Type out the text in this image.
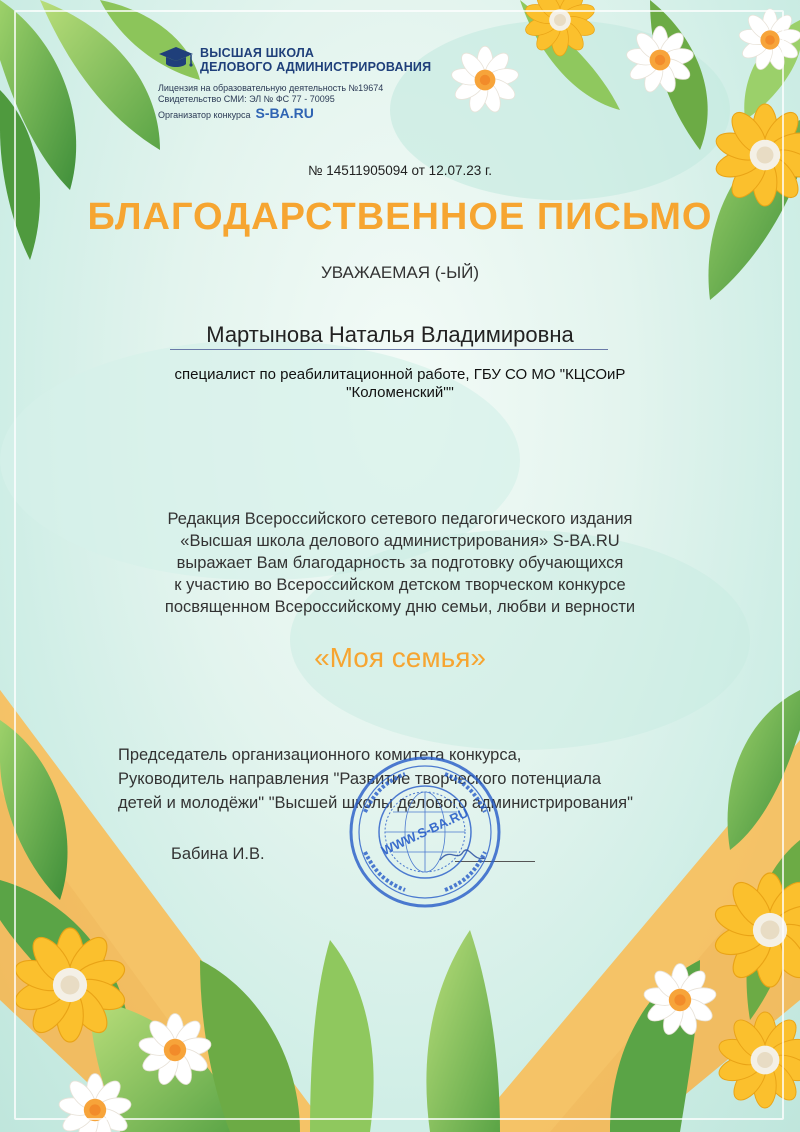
ВЫСШАЯ ШКОЛА
ДЕЛОВОГО АДМИНИСТРИРОВАНИЯ
Лицензия на образовательную деятельность №19674
Свидетельство СМИ: ЭЛ № ФС 77 - 70095
Организатор конкурса S-BA.RU
№ 14511905094 от 12.07.23 г.
БЛАГОДАРСТВЕННОЕ ПИСЬМО
УВАЖАЕМАЯ (-ЫЙ)
Мартынова Наталья Владимировна
специалист по реабилитационной работе, ГБУ СО МО "КЦСОиР
"Коломенский""
Редакция Всероссийского сетевого педагогического издания
«Высшая школа делового администрирования» S-BA.RU
выражает Вам благодарность за подготовку обучающихся
к участию во Всероссийском детском творческом конкурсе
посвященном Всероссийскому дню семьи, любви и верности
«Моя семья»
Председатель организационного комитета конкурса,
Руководитель направления "Развитие творческого потенциала
детей и молодёжи" "Высшей школы делового администрирования"
Бабина И.В.	WWW.S-BA.RU
